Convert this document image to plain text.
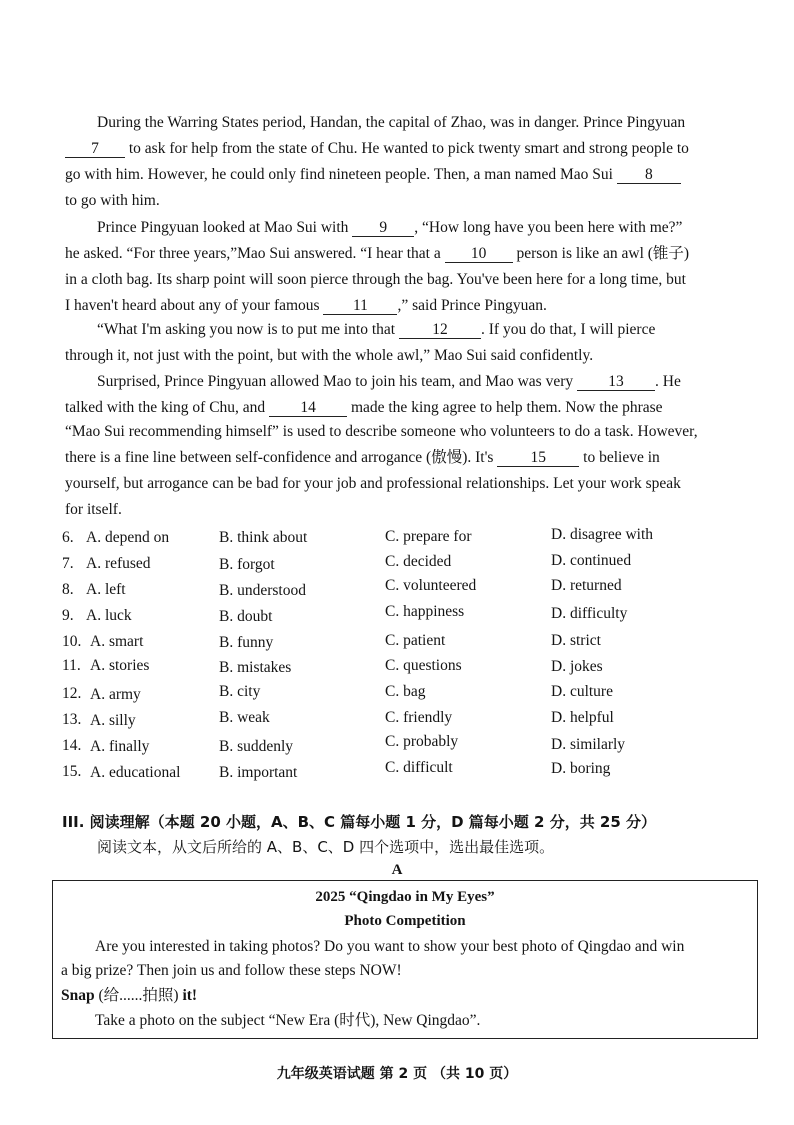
During the Warring States period, Handan, the capital of Zhao, was in danger. Prince Pingyuan
7 to ask for help from the state of Chu. He wanted to pick twenty smart and strong people to
go with him. However, he could only find nineteen people. Then, a man named Mao Sui 8
to go with him.
Prince Pingyuan looked at Mao Sui with 9 , “How long have you been here with me?”
he asked. “For three years,”Mao Sui answered. “I hear that a 10 person is like an awl (锥子)
in a cloth bag. Its sharp point will soon pierce through the bag. You've been here for a long time, but
I haven't heard about any of your famous 11 ,” said Prince Pingyuan.
“What I'm asking you now is to put me into that 12 . If you do that, I will pierce
through it, not just with the point, but with the whole awl,” Mao Sui said confidently.
Surprised, Prince Pingyuan allowed Mao to join his team, and Mao was very 13 . He
talked with the king of Chu, and 14 made the king agree to help them. Now the phrase
“Mao Sui recommending himself” is used to describe someone who volunteers to do a task. However,
there is a fine line between self-confidence and arrogance (傲慢). It's 15 to believe in
yourself, but arrogance can be bad for your job and professional relationships. Let your work speak
for itself.
6. A. depend on	B. think about	C. prepare for	D. disagree with
7. A. refused	B. forgot	C. decided	D. continued
8. A. left	B. understood	C. volunteered	D. returned
9. A. luck	B. doubt	C. happiness	D. difficulty
10. A. smart	B. funny	C. patient	D. strict
11. A. stories	B. mistakes	C. questions	D. jokes
12. A. army	B. city	C. bag	D. culture
13. A. silly	B. weak	C. friendly	D. helpful
14. A. finally	B. suddenly	C. probably	D. similarly
15. A. educational B. important	C. difficult	D. boring
III. 阅读理解（本题 20 小题，A、B、C 篇每小题 1 分，D 篇每小题 2 分，共 25 分）
阅读文本，从文后所给的 A、B、C、D 四个选项中，选出最佳选项。
A
2025 “Qingdao in My Eyes”
Photo Competition
Are you interested in taking photos? Do you want to show your best photo of Qingdao and win
a big prize? Then join us and follow these steps NOW!
Snap (给......拍照) it!
Take a photo on the subject “New Era (时代), New Qingdao”.
九年级英语试题 第 2 页 （共 10 页）
